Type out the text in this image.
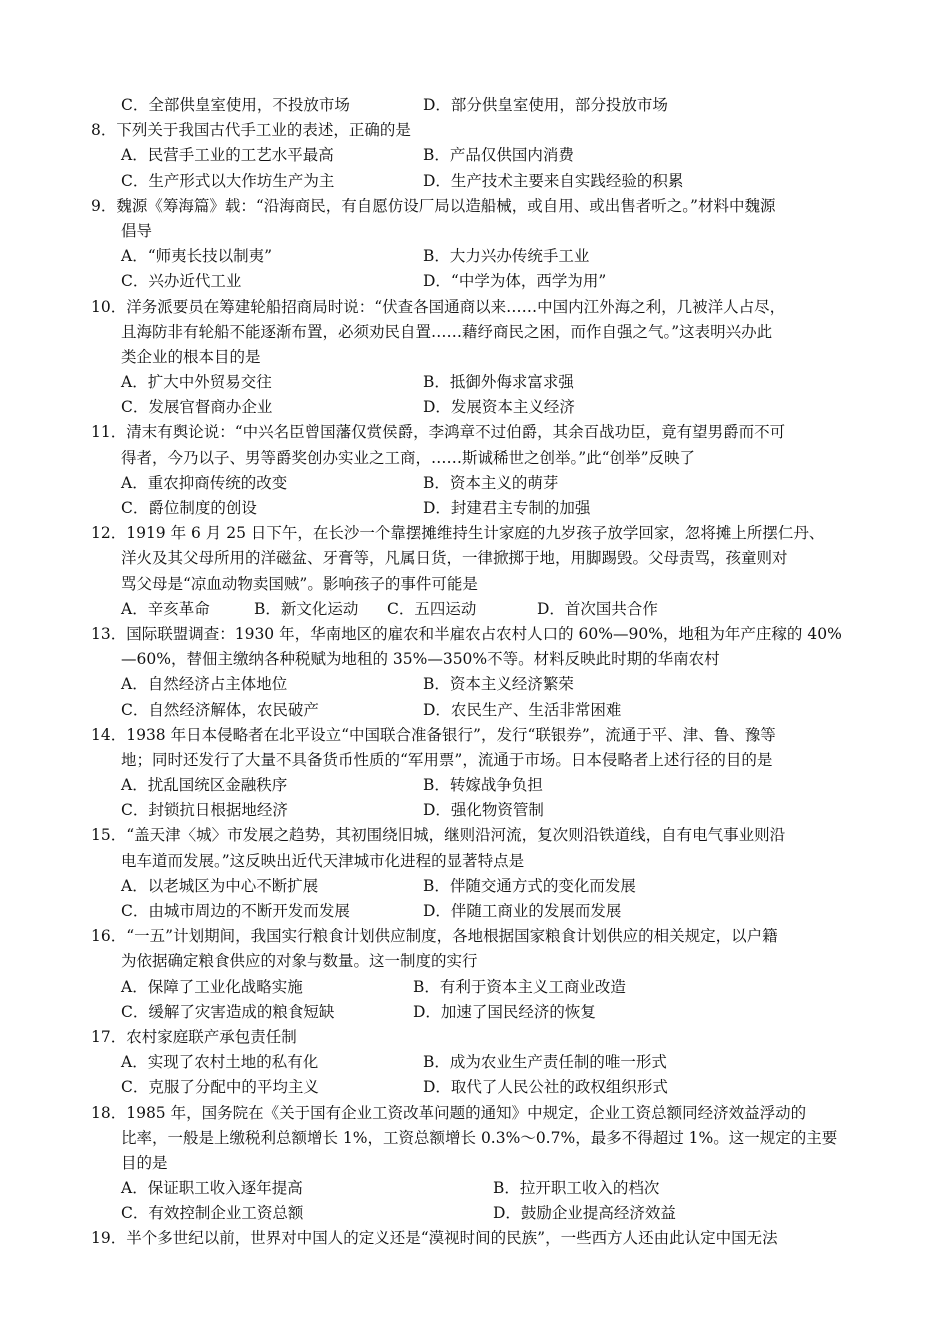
C．全部供皇室使用，不投放市场	D．部分供皇室使用，部分投放市场
8．下列关于我国古代手工业的表述，正确的是
A．民营手工业的工艺水平最高	B．产品仅供国内消费
C．生产形式以大作坊生产为主	D．生产技术主要来自实践经验的积累
9．魏源《筹海篇》载：“沿海商民，有自愿仿设厂局以造船械，或自用、或出售者听之。”材料中魏源
倡导
A．“师夷长技以制夷”	B．大力兴办传统手工业
C．兴办近代工业	D．“中学为体，西学为用”
10．洋务派要员在筹建轮船招商局时说：“伏查各国通商以来……中国内江外海之利，几被洋人占尽，
且海防非有轮船不能逐渐布置，必须劝民自置……藉纾商民之困，而作自强之气。”这表明兴办此
类企业的根本目的是
A．扩大中外贸易交往	B．抵御外侮求富求强
C．发展官督商办企业	D．发展资本主义经济
11．清末有舆论说：“中兴名臣曾国藩仅赏侯爵，李鸿章不过伯爵，其余百战功臣，竟有望男爵而不可
得者，今乃以子、男等爵奖创办实业之工商，……斯诚稀世之创举。”此“创举”反映了
A．重农抑商传统的改变	B．资本主义的萌芽
C．爵位制度的创设	D．封建君主专制的加强
12．1919 年 6 月 25 日下午，在长沙一个靠摆摊维持生计家庭的九岁孩子放学回家，忽将摊上所摆仁丹、
洋火及其父母所用的洋磁盆、牙膏等，凡属日货，一律掀掷于地，用脚踢毁。父母责骂，孩童则对
骂父母是“凉血动物卖国贼”。影响孩子的事件可能是
A．辛亥革命	B．新文化运动	C．五四运动	D．首次国共合作
13．国际联盟调查：1930 年，华南地区的雇农和半雇农占农村人口的 60%—90%，地租为年产庄稼的 40%
—60%，替佃主缴纳各种税赋为地租的 35%—350%不等。材料反映此时期的华南农村
A．自然经济占主体地位	B．资本主义经济繁荣
C．自然经济解体，农民破产	D．农民生产、生活非常困难
14．1938 年日本侵略者在北平设立“中国联合准备银行”，发行“联银券”，流通于平、津、鲁、豫等
地；同时还发行了大量不具备货币性质的“军用票”，流通于市场。日本侵略者上述行径的目的是
A．扰乱国统区金融秩序	B．转嫁战争负担
C．封锁抗日根据地经济	D．强化物资管制
15．“盖天津〈城〉市发展之趋势，其初围绕旧城，继则沿河流，复次则沿铁道线，自有电气事业则沿
电车道而发展。”这反映出近代天津城市化进程的显著特点是
A．以老城区为中心不断扩展	B．伴随交通方式的变化而发展
C．由城市周边的不断开发而发展	D．伴随工商业的发展而发展
16．“一五”计划期间，我国实行粮食计划供应制度，各地根据国家粮食计划供应的相关规定，以户籍
为依据确定粮食供应的对象与数量。这一制度的实行
A．保障了工业化战略实施	B．有利于资本主义工商业改造
C．缓解了灾害造成的粮食短缺	D．加速了国民经济的恢复
17．农村家庭联产承包责任制
A．实现了农村土地的私有化	B．成为农业生产责任制的唯一形式
C．克服了分配中的平均主义	D．取代了人民公社的政权组织形式
18．1985 年，国务院在《关于国有企业工资改革问题的通知》中规定，企业工资总额同经济效益浮动的
比率，一般是上缴税利总额增长 1%，工资总额增长 0.3%～0.7%，最多不得超过 1%。这一规定的主要
目的是
A．保证职工收入逐年提高	B．拉开职工收入的档次
C．有效控制企业工资总额	D．鼓励企业提高经济效益
19．半个多世纪以前，世界对中国人的定义还是“漠视时间的民族”，一些西方人还由此认定中国无法
